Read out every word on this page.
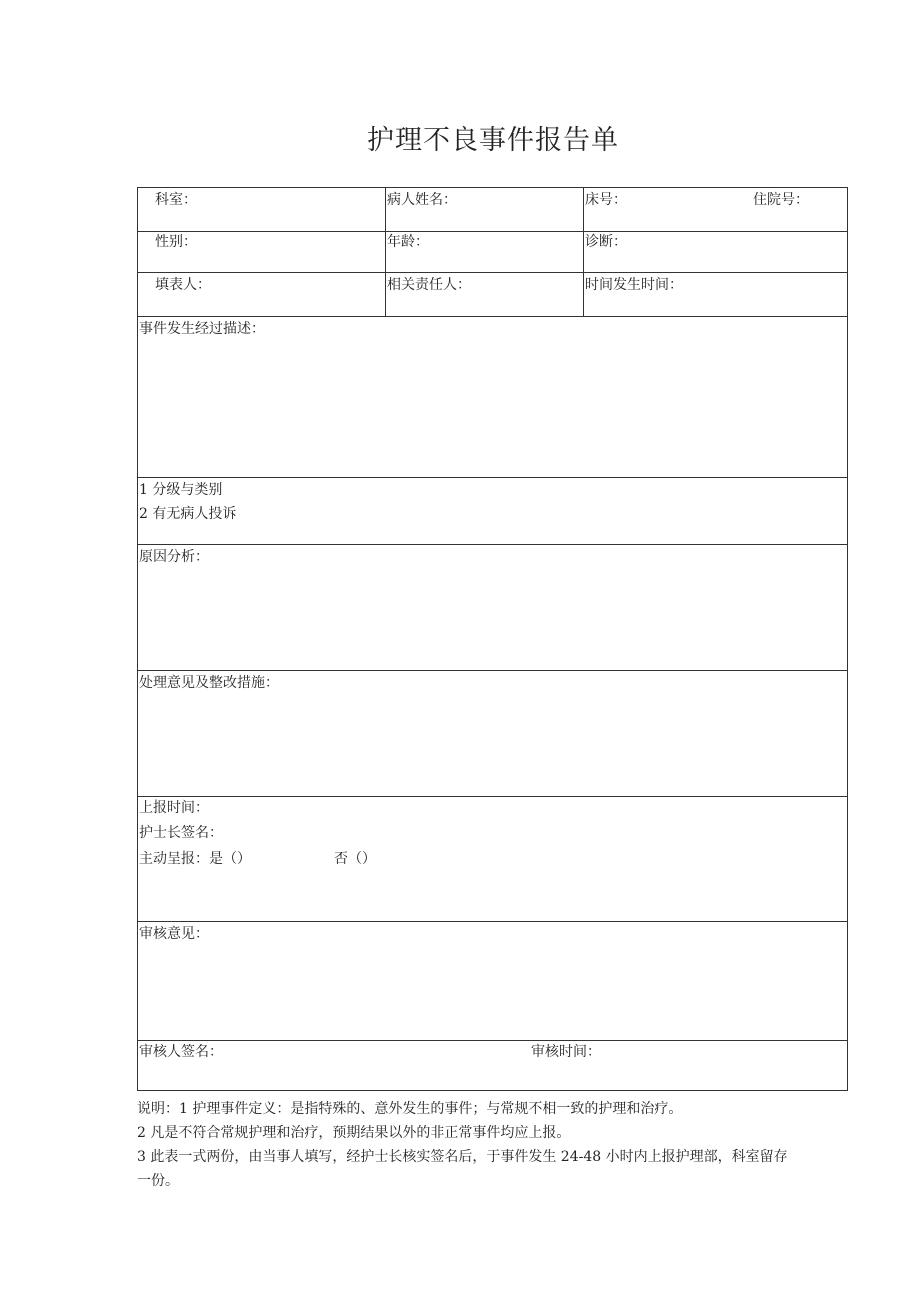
护理不良事件报告单
科室：	病人姓名：	床号：	住院号：
性别：	年龄：	诊断：
填表人：	相关责任人：	时间发生时间：
事件发生经过描述：
1 分级与类别
2 有无病人投诉
原因分析：
处理意见及整改措施：
上报时间：
护士长签名：
主动呈报：是（）	否（）
审核意见：
审核人签名：	审核时间：
说明：1 护理事件定义：是指特殊的、意外发生的事件；与常规不相一致的护理和治疗。
2 凡是不符合常规护理和治疗，预期结果以外的非正常事件均应上报。
3 此表一式两份，由当事人填写，经护士长核实签名后，于事件发生 24-48 小时内上报护理部，科室留存
一份。
